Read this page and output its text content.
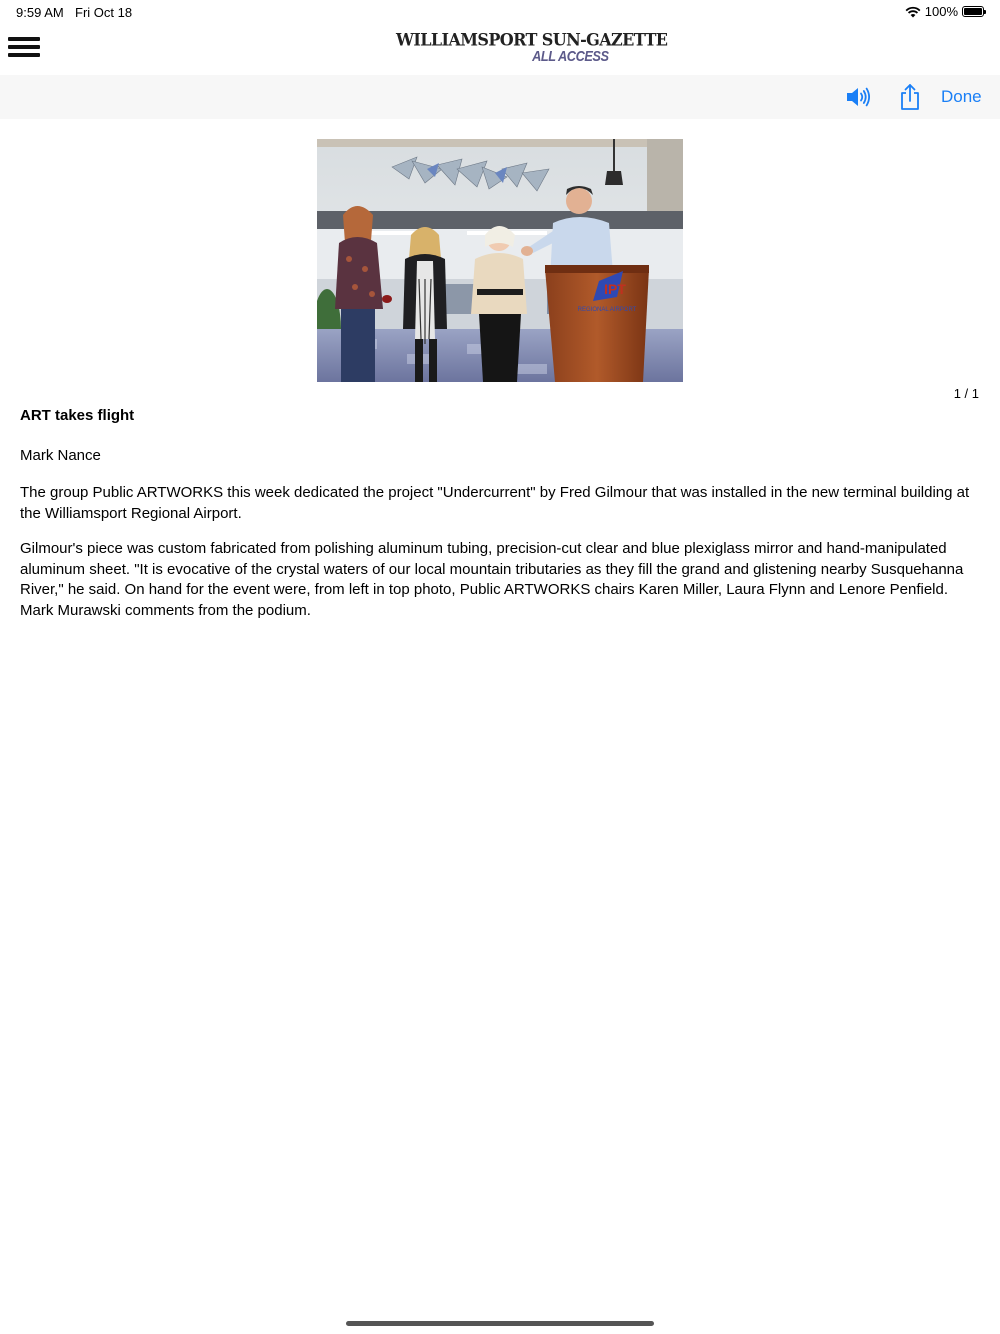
9:59 AM Fri Oct 18	100%
WILLIAMSPORT SUN-GAZETTE
ALL ACCESS
Done
IPT
REGIONAL AIRPORT
1 / 1
ART takes flight
Mark Nance

The group Public ARTWORKS this week dedicated the project "Undercurrent" by Fred Gilmour that was installed in the new terminal building at the Williamsport Regional Airport.

Gilmour's piece was custom fabricated from polishing aluminum tubing, precision-cut clear and blue plexiglass mirror and hand-manipulated aluminum sheet. "It is evocative of the crystal waters of our local mountain tributaries as they fill the grand and glistening nearby Susquehanna River," he said. On hand for the event were, from left in top photo, Public ARTWORKS chairs Karen Miller, Laura Flynn and Lenore Penfield. Mark Murawski comments from the podium.
